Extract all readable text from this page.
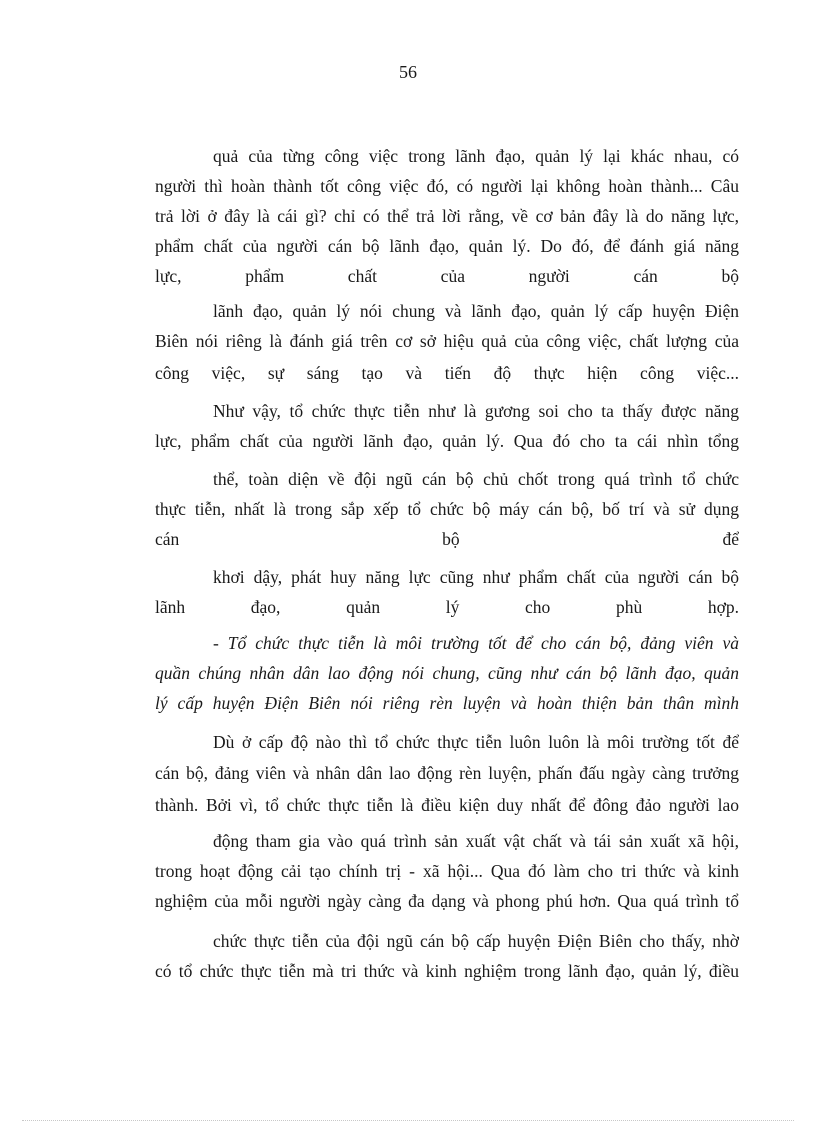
56
quả của từng công việc trong lãnh đạo, quản lý lại khác nhau, có
người thì hoàn thành tốt công việc đó, có người lại không hoàn thành... Câu
trả lời ở đây là cái gì? chỉ có thể trả lời rằng, về cơ bản đây là do năng lực,
phẩm chất của người cán bộ lãnh đạo, quản lý. Do đó, để đánh giá năng
lực, phẩm chất của người cán bộ
lãnh đạo, quản lý nói chung và lãnh đạo, quản lý cấp huyện Điện
Biên nói riêng là đánh giá trên cơ sở hiệu quả của công việc, chất lượng của
công việc, sự sáng tạo và tiến độ thực hiện công việc...
Như vậy, tổ chức thực tiễn như là gương soi cho ta thấy được năng
lực, phẩm chất của người lãnh đạo, quản lý. Qua đó cho ta cái nhìn tổng
thể, toàn diện về đội ngũ cán bộ chủ chốt trong quá trình tổ chức
thực tiễn, nhất là trong sắp xếp tổ chức bộ máy cán bộ, bố trí và sử dụng
cán bộ để
khơi dậy, phát huy năng lực cũng như phẩm chất của người cán bộ
lãnh đạo, quản lý cho phù hợp.
- Tổ chức thực tiễn là môi trường tốt để cho cán bộ, đảng viên và
quần chúng nhân dân lao động nói chung, cũng như cán bộ lãnh đạo, quản
lý cấp huyện Điện Biên nói riêng rèn luyện và hoàn thiện bản thân mình
Dù ở cấp độ nào thì tổ chức thực tiễn luôn luôn là môi trường tốt để
cán bộ, đảng viên và nhân dân lao động rèn luyện, phấn đấu ngày càng trưởng
thành. Bởi vì, tổ chức thực tiễn là điều kiện duy nhất để đông đảo người lao
động tham gia vào quá trình sản xuất vật chất và tái sản xuất xã hội,
trong hoạt động cải tạo chính trị - xã hội... Qua đó làm cho tri thức và kinh
nghiệm của mỗi người ngày càng đa dạng và phong phú hơn. Qua quá trình tổ
chức thực tiễn của đội ngũ cán bộ cấp huyện Điện Biên cho thấy, nhờ
có tổ chức thực tiễn mà tri thức và kinh nghiệm trong lãnh đạo, quản lý, điều
